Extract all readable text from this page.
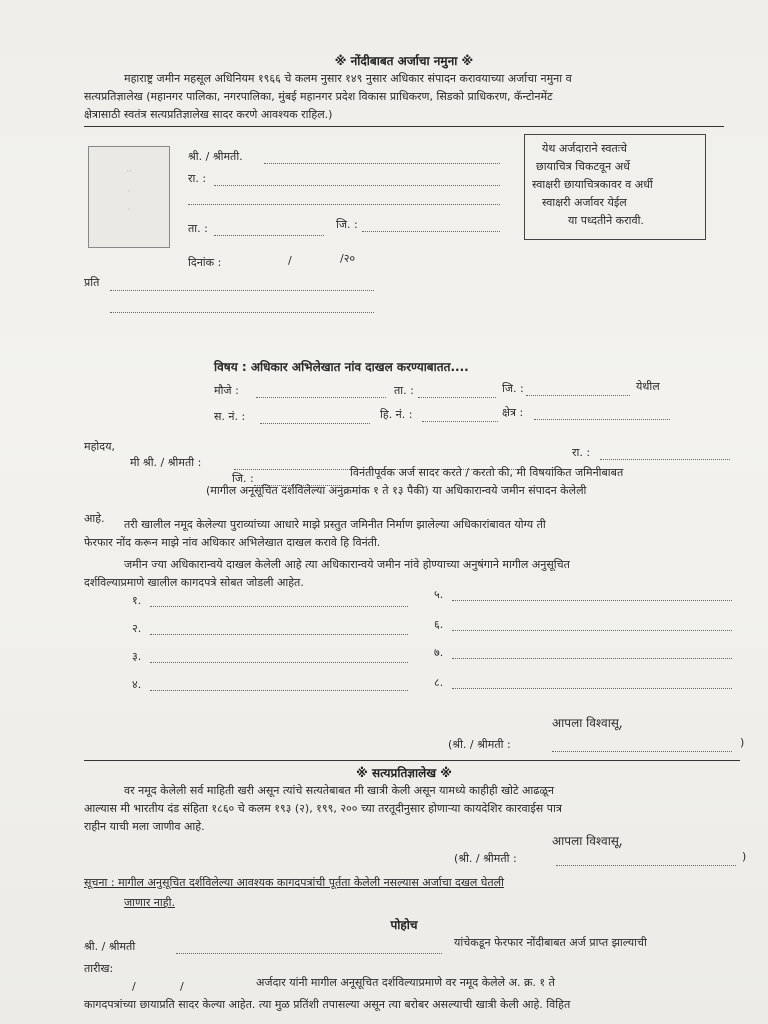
※ नोंदीबाबत अर्जाचा नमुना ※
महाराष्ट्र जमीन महसूल अधिनियम १९६६ चे कलम नुसार १४९ नुसार अधिकार संपादन करावयाच्या अर्जाचा नमुना व
सत्यप्रतिज्ञालेख (महानगर पालिका, नगरपालिका, मुंबई महानगर प्रदेश विकास प्राधिकरण, सिडको प्राधिकरण, कॅन्टोनमेंट
क्षेत्रासाठी स्वतंत्र सत्यप्रतिज्ञालेख सादर करणे आवश्यक राहिल.)
··
·
·
श्री. / श्रीमती.
रा. :
ता. :	जि. :
येथ अर्जदाराने स्वतःचे
छायाचित्र चिकटवून अर्धे
स्वाक्षरी छायाचित्रकावर व अर्धी
स्वाक्षरी अर्जावर येईल
या पध्दतीने करावी.
दिनांक :	/	/२०
प्रति
विषय : अधिकार अभिलेखात नांव दाखल करण्याबातत....
मौजे :	ता. :	जि. :	येथील
स. नं. :	हि. नं. :	क्षेत्र :
महोदय,
मी श्री. / श्रीमती :
रा. :
जि. :	विनंतीपूर्वक अर्ज सादर करते / करतो की, मी विषयांकित जमिनीबाबत
(मागील अनूसूचित दर्शविलेल्या अनुक्रमांक १ ते १३ पैकी) या अधिकारान्वये जमीन संपादन केलेली
आहे. तरी खालील नमूद केलेल्या पुराव्यांच्या आधारे माझे प्रस्तुत जमिनीत निर्माण झालेल्या अधिकारांबावत योग्य ती
फेरफार नोंद करून माझे नांव अधिकार अभिलेखात दाखल करावे हि विनंती.
जमीन ज्या अधिकारान्वये दाखल केलेली आहे त्या अधिकारान्वये जमीन नांवे होण्याच्या अनुषंगाने मागील अनुसूचित
दर्शविल्याप्रमाणे खालील कागदपत्रे सोबत जोडली आहेत.
१.
२.
३.
४.
५.
६.
७.
८.
आपला विश्वासू,
(श्री. / श्रीमती :	)
※ सत्यप्रतिज्ञालेख ※
वर नमूद केलेली सर्व माहिती खरी असून त्यांचे सत्यतेबाबत मी खात्री केली असून यामध्ये काहीही खोटे आढळून
आल्यास मी भारतीय दंड संहिता १८६० चे कलम १९३ (२), १९९, २०० च्या तरतूदीनुसार होणाऱ्या कायदेशिर कारवाईस पात्र
राहीन याची मला जाणीव आहे.
आपला विश्वासू,
(श्री. / श्रीमती :	)
सूचना : मागील अनुसूचित दर्शविलेल्या आवश्यक कागदपत्रांची पूर्तता केलेली नसल्यास अर्जाचा दखल घेतली
जाणार नाही.
पोहोच
श्री. / श्रीमती	यांचेकडून फेरफार नोंदीबाबत अर्ज प्राप्त झाल्याची
तारीख:
/	/	अर्जदार यांनी मागील अनूसूचित दर्शविल्याप्रमाणे वर नमूद केलेले अ. क्र. १ ते
कागदपत्रांच्या छायाप्रति सादर केल्या आहेत. त्या मुळ प्रतिंशी तपासल्या असून त्या बरोबर असल्याची खात्री केली आहे. विहित
